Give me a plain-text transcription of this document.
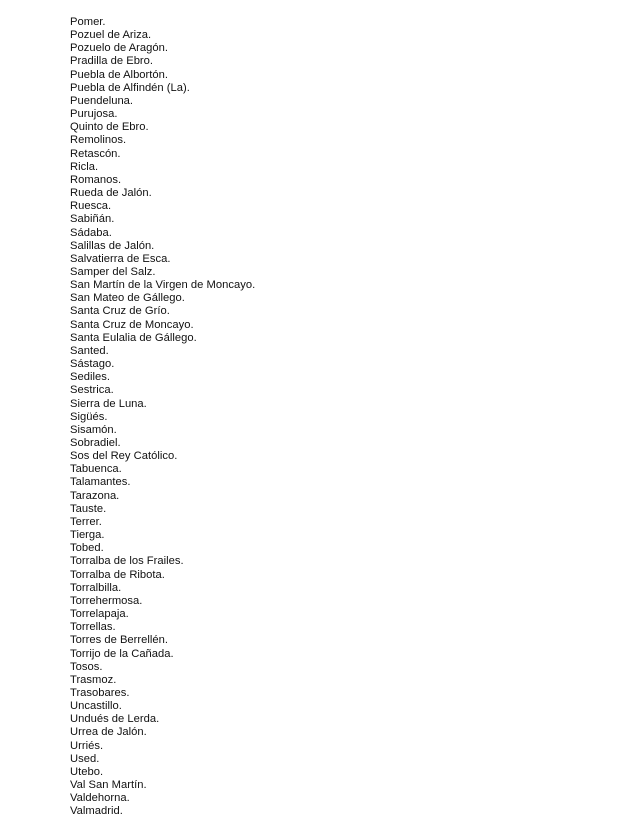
Pomer.
Pozuel de Ariza.
Pozuelo de Aragón.
Pradilla de Ebro.
Puebla de Albortón.
Puebla de Alfindén (La).
Puendeluna.
Purujosa.
Quinto de Ebro.
Remolinos.
Retascón.
Ricla.
Romanos.
Rueda de Jalón.
Ruesca.
Sabiñán.
Sádaba.
Salillas de Jalón.
Salvatierra de Esca.
Samper del Salz.
San Martín de la Virgen de Moncayo.
San Mateo de Gállego.
Santa Cruz de Grío.
Santa Cruz de Moncayo.
Santa Eulalia de Gállego.
Santed.
Sástago.
Sediles.
Sestrica.
Sierra de Luna.
Sigüés.
Sisamón.
Sobradiel.
Sos del Rey Católico.
Tabuenca.
Talamantes.
Tarazona.
Tauste.
Terrer.
Tierga.
Tobed.
Torralba de los Frailes.
Torralba de Ribota.
Torralbilla.
Torrehermosa.
Torrelapaja.
Torrellas.
Torres de Berrellén.
Torrijo de la Cañada.
Tosos.
Trasmoz.
Trasobares.
Uncastillo.
Undués de Lerda.
Urrea de Jalón.
Urriés.
Used.
Utebo.
Val San Martín.
Valdehorna.
Valmadrid.
